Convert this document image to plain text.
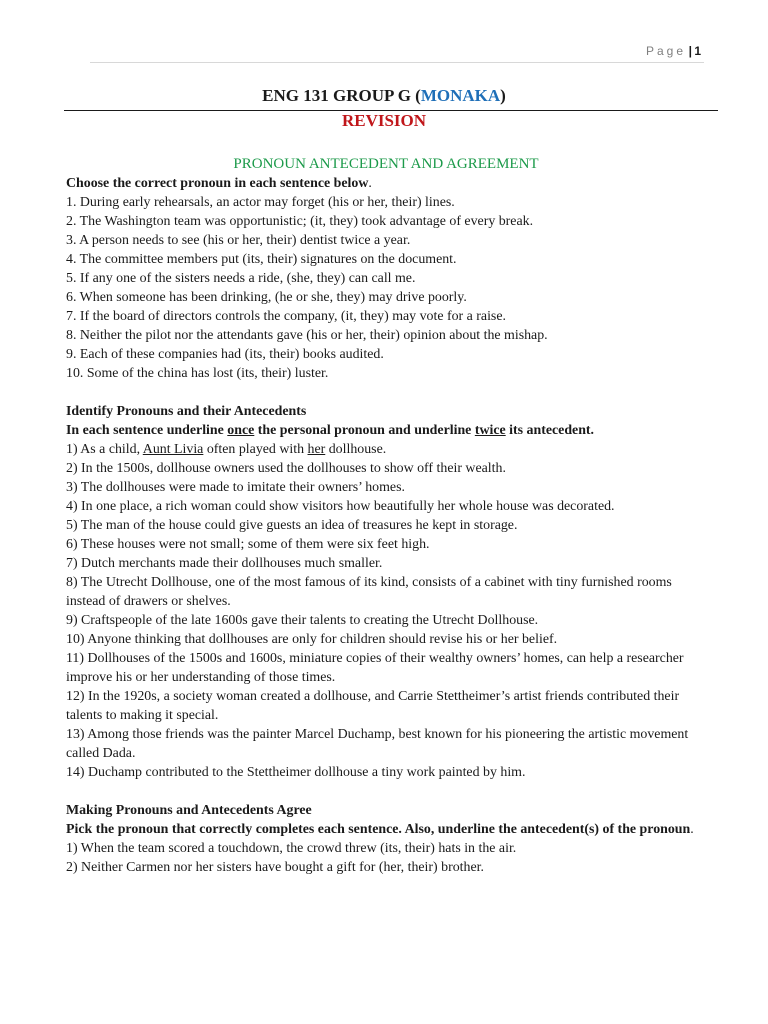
Page | 1
ENG 131 GROUP G (MONAKA)
REVISION

PRONOUN ANTECEDENT AND AGREEMENT

Choose the correct pronoun in each sentence below.

1. During early rehearsals, an actor may forget (his or her, their) lines.

2. The Washington team was opportunistic; (it, they) took advantage of every break.

3. A person needs to see (his or her, their) dentist twice a year.

4. The committee members put (its, their) signatures on the document.

5. If any one of the sisters needs a ride, (she, they) can call me.

6. When someone has been drinking, (he or she, they) may drive poorly.

7. If the board of directors controls the company, (it, they) may vote for a raise.

8. Neither the pilot nor the attendants gave (his or her, their) opinion about the mishap.

9. Each of these companies had (its, their) books audited.

10. Some of the china has lost (its, their) luster.

Identify Pronouns and their Antecedents

In each sentence underline once the personal pronoun and underline twice its antecedent.

1) As a child, Aunt Livia often played with her dollhouse.

2) In the 1500s, dollhouse owners used the dollhouses to show off their wealth.

3) The dollhouses were made to imitate their owners’ homes.

4) In one place, a rich woman could show visitors how beautifully her whole house was decorated.

5) The man of the house could give guests an idea of treasures he kept in storage.

6) These houses were not small; some of them were six feet high.

7) Dutch merchants made their dollhouses much smaller.

8) The Utrecht Dollhouse, one of the most famous of its kind, consists of a cabinet with tiny furnished rooms instead of drawers or shelves.

9) Craftspeople of the late 1600s gave their talents to creating the Utrecht Dollhouse.

10) Anyone thinking that dollhouses are only for children should revise his or her belief.

11) Dollhouses of the 1500s and 1600s, miniature copies of their wealthy owners’ homes, can help a researcher improve his or her understanding of those times.

12) In the 1920s, a society woman created a dollhouse, and Carrie Stettheimer’s artist friends contributed their talents to making it special.

13) Among those friends was the painter Marcel Duchamp, best known for his pioneering the artistic movement called Dada.

14) Duchamp contributed to the Stettheimer dollhouse a tiny work painted by him.

Making Pronouns and Antecedents Agree

Pick the pronoun that correctly completes each sentence. Also, underline the antecedent(s) of the pronoun.

1) When the team scored a touchdown, the crowd threw (its, their) hats in the air.

2) Neither Carmen nor her sisters have bought a gift for (her, their) brother.
